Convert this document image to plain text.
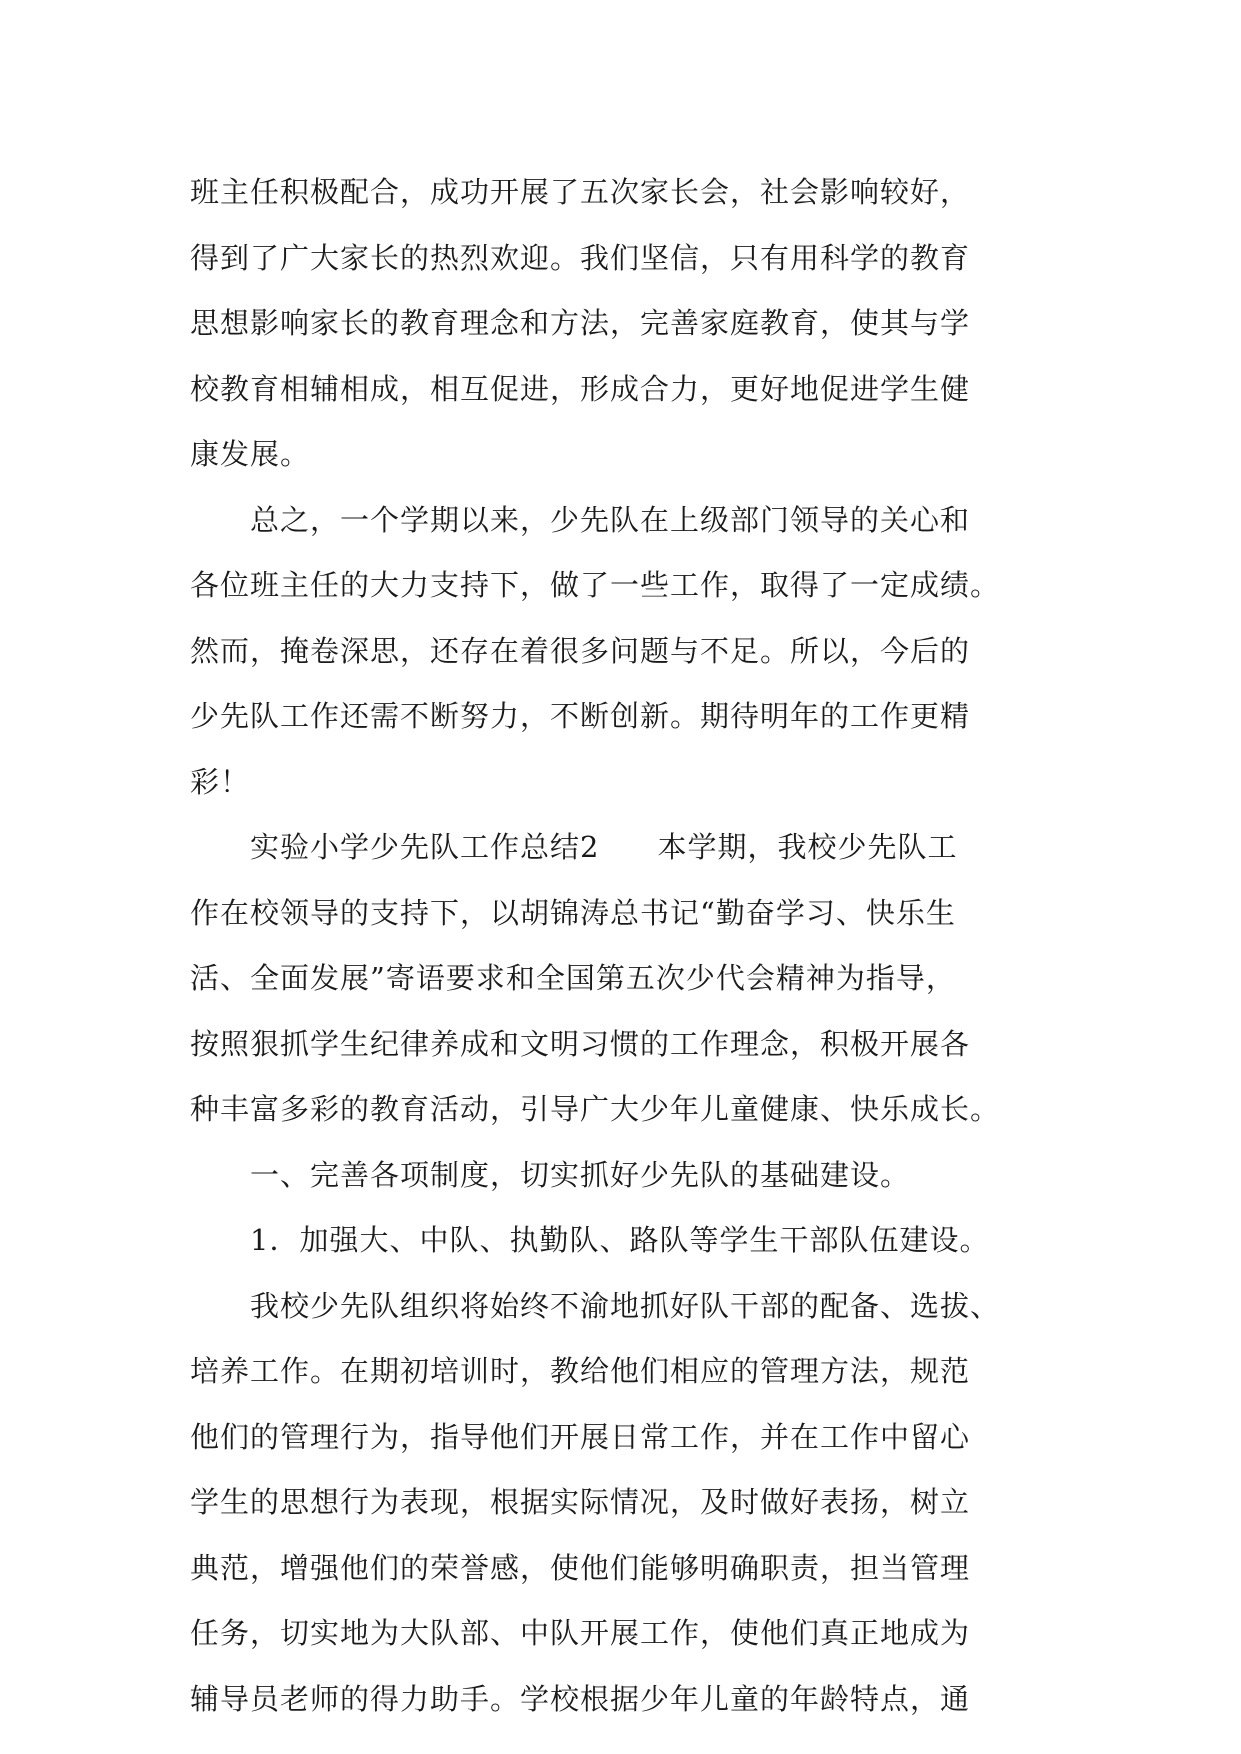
班主任积极配合，成功开展了五次家长会，社会影响较好，
得到了广大家长的热烈欢迎。我们坚信，只有用科学的教育
思想影响家长的教育理念和方法，完善家庭教育，使其与学
校教育相辅相成，相互促进，形成合力，更好地促进学生健
康发展。
总之，一个学期以来，少先队在上级部门领导的关心和
各位班主任的大力支持下，做了一些工作，取得了一定成绩。
然而，掩卷深思，还存在着很多问题与不足。所以，今后的
少先队工作还需不断努力，不断创新。期待明年的工作更精
彩！
实验小学少先队工作总结2 本学期，我校少先队工
作在校领导的支持下，以胡锦涛总书记“勤奋学习、快乐生
活、全面发展”寄语要求和全国第五次少代会精神为指导，
按照狠抓学生纪律养成和文明习惯的工作理念，积极开展各
种丰富多彩的教育活动，引导广大少年儿童健康、快乐成长。
一、完善各项制度，切实抓好少先队的基础建设。
1．加强大、中队、执勤队、路队等学生干部队伍建设。
我校少先队组织将始终不渝地抓好队干部的配备、选拔、
培养工作。在期初培训时，教给他们相应的管理方法，规范
他们的管理行为，指导他们开展日常工作，并在工作中留心
学生的思想行为表现，根据实际情况，及时做好表扬，树立
典范，增强他们的荣誉感，使他们能够明确职责，担当管理
任务，切实地为大队部、中队开展工作，使他们真正地成为
辅导员老师的得力助手。学校根据少年儿童的年龄特点，通
